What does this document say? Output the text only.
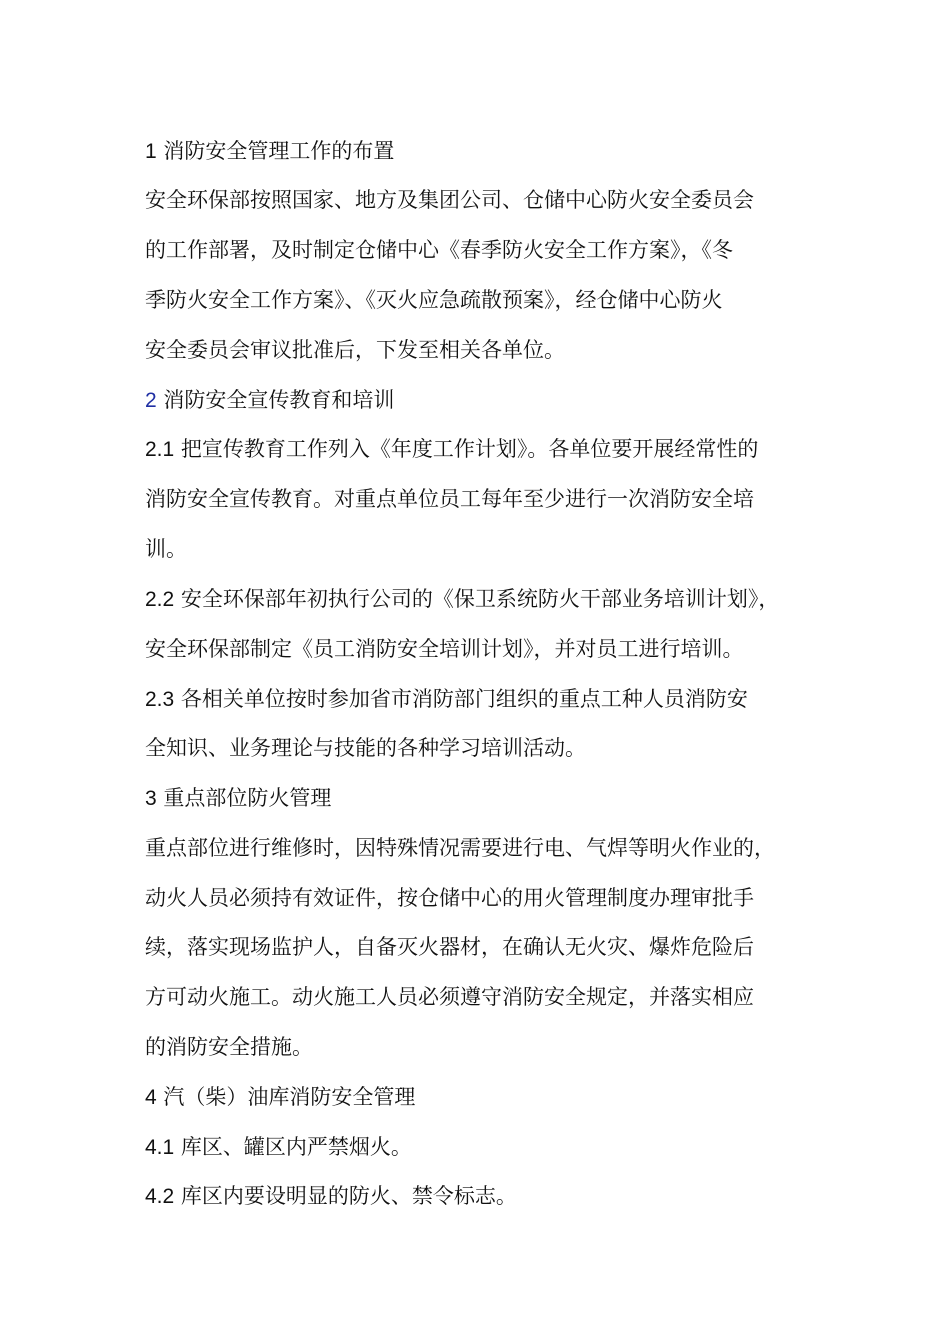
1 消防安全管理工作的布置
安全环保部按照国家、地方及集团公司、仓储中心防火安全委员会
的工作部署，及时制定仓储中心《春季防火安全工作方案》，《冬
季防火安全工作方案》、《灭火应急疏散预案》，经仓储中心防火
安全委员会审议批准后，下发至相关各单位。
2 消防安全宣传教育和培训
2.1 把宣传教育工作列入《年度工作计划》。各单位要开展经常性的
消防安全宣传教育。对重点单位员工每年至少进行一次消防安全培
训。
2.2 安全环保部年初执行公司的《保卫系统防火干部业务培训计划》，
安全环保部制定《员工消防安全培训计划》，并对员工进行培训。
2.3 各相关单位按时参加省市消防部门组织的重点工种人员消防安
全知识、业务理论与技能的各种学习培训活动。
3 重点部位防火管理
重点部位进行维修时，因特殊情况需要进行电、气焊等明火作业的，
动火人员必须持有效证件，按仓储中心的用火管理制度办理审批手
续，落实现场监护人，自备灭火器材，在确认无火灾、爆炸危险后
方可动火施工。动火施工人员必须遵守消防安全规定，并落实相应
的消防安全措施。
4 汽（柴）油库消防安全管理
4.1 库区、罐区内严禁烟火。
4.2 库区内要设明显的防火、禁令标志。
